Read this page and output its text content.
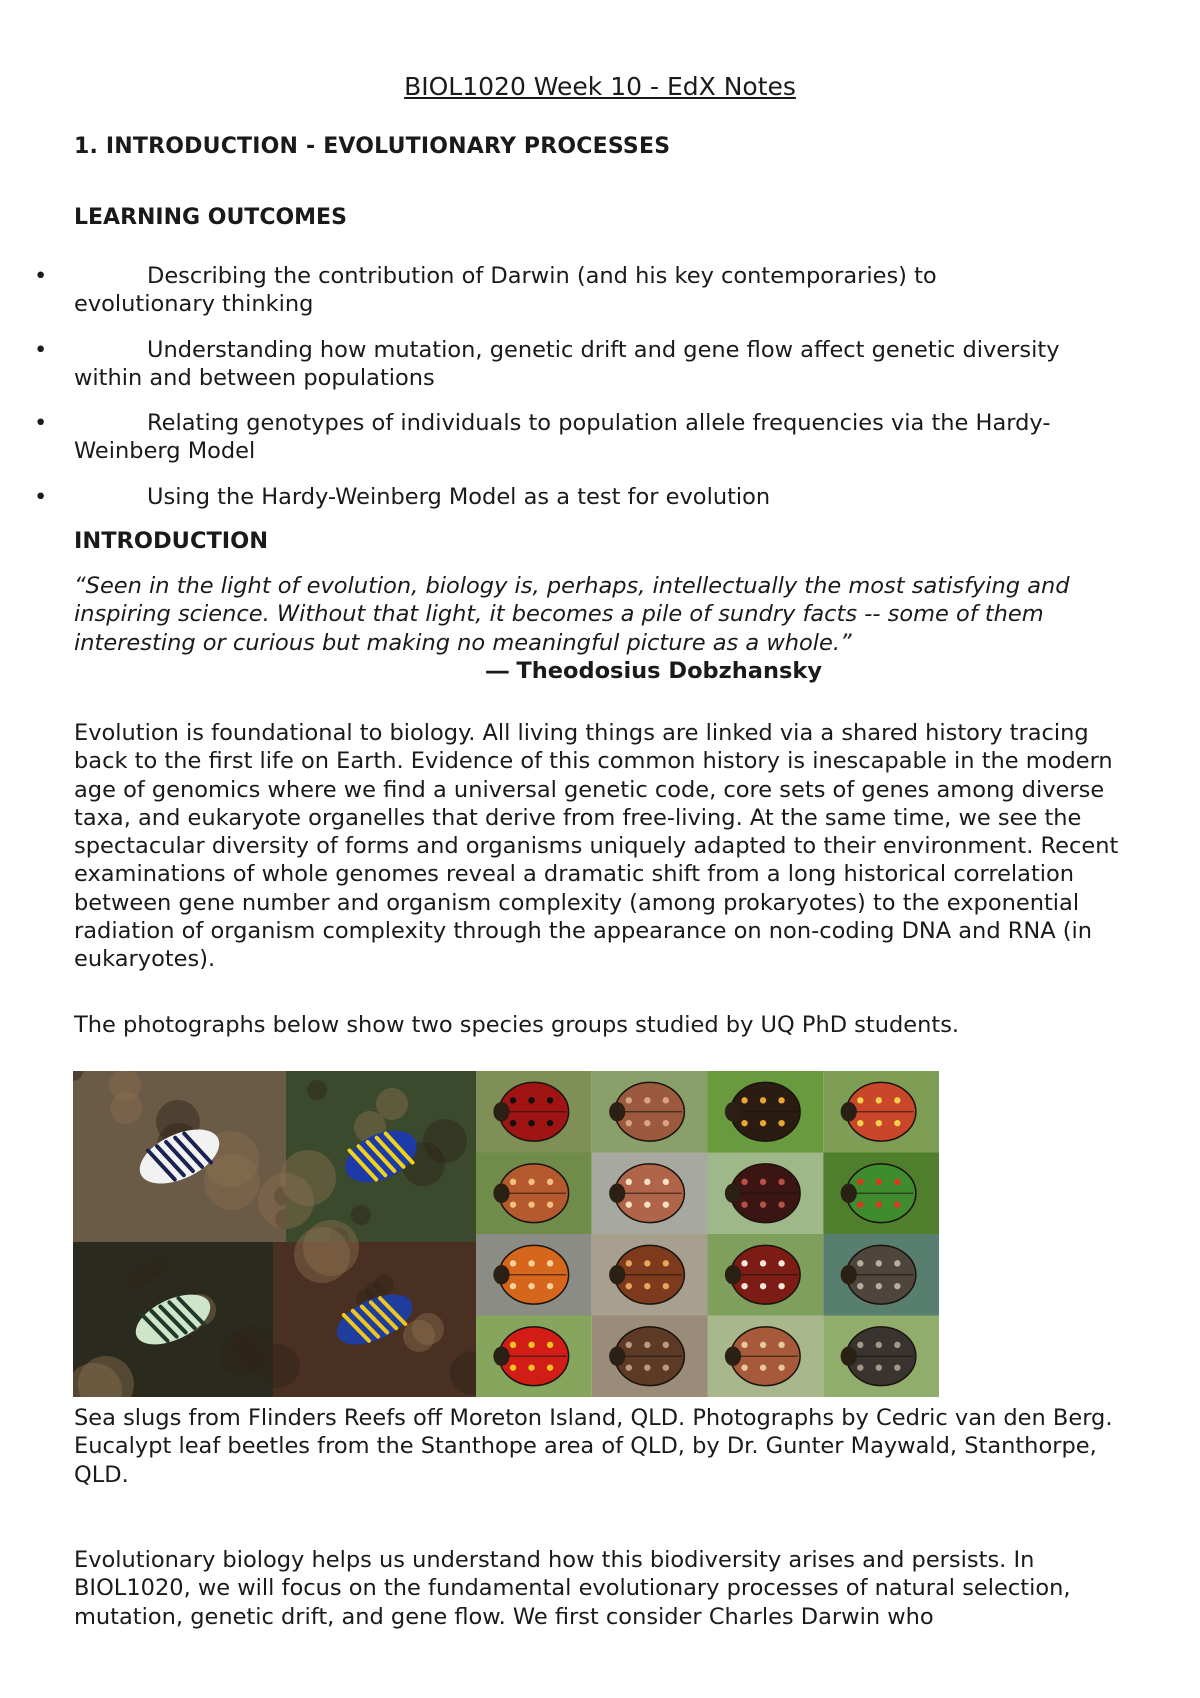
BIOL1020 Week 10 - EdX Notes
1. INTRODUCTION - EVOLUTIONARY PROCESSES
LEARNING OUTCOMES
•	Describing the contribution of Darwin (and his key contemporaries) to
evolutionary thinking
•	Understanding how mutation, genetic drift and gene flow affect genetic diversity
within and between populations
•	Relating genotypes of individuals to population allele frequencies via the Hardy-
Weinberg Model
•	Using the Hardy-Weinberg Model as a test for evolution
INTRODUCTION
“Seen in the light of evolution, biology is, perhaps, intellectually the most satisfying and inspiring science. Without that light, it becomes a pile of sundry facts -- some of them interesting or curious but making no meaningful picture as a whole.”
― Theodosius Dobzhansky
Evolution is foundational to biology. All living things are linked via a shared history tracing back to the first life on Earth. Evidence of this common history is inescapable in the modern age of genomics where we find a universal genetic code, core sets of genes among diverse taxa, and eukaryote organelles that derive from free-living. At the same time, we see the spectacular diversity of forms and organisms uniquely adapted to their environment. Recent examinations of whole genomes reveal a dramatic shift from a long historical correlation between gene number and organism complexity (among prokaryotes) to the exponential radiation of organism complexity through the appearance on non-coding DNA and RNA (in eukaryotes).
The photographs below show two species groups studied by UQ PhD students.
Sea slugs from Flinders Reefs off Moreton Island, QLD. Photographs by Cedric van den Berg.
Eucalypt leaf beetles from the Stanthope area of QLD, by Dr. Gunter Maywald, Stanthorpe, QLD.
Evolutionary biology helps us understand how this biodiversity arises and persists. In BIOL1020, we will focus on the fundamental evolutionary processes of natural selection, mutation, genetic drift, and gene flow. We first consider Charles Darwin who
